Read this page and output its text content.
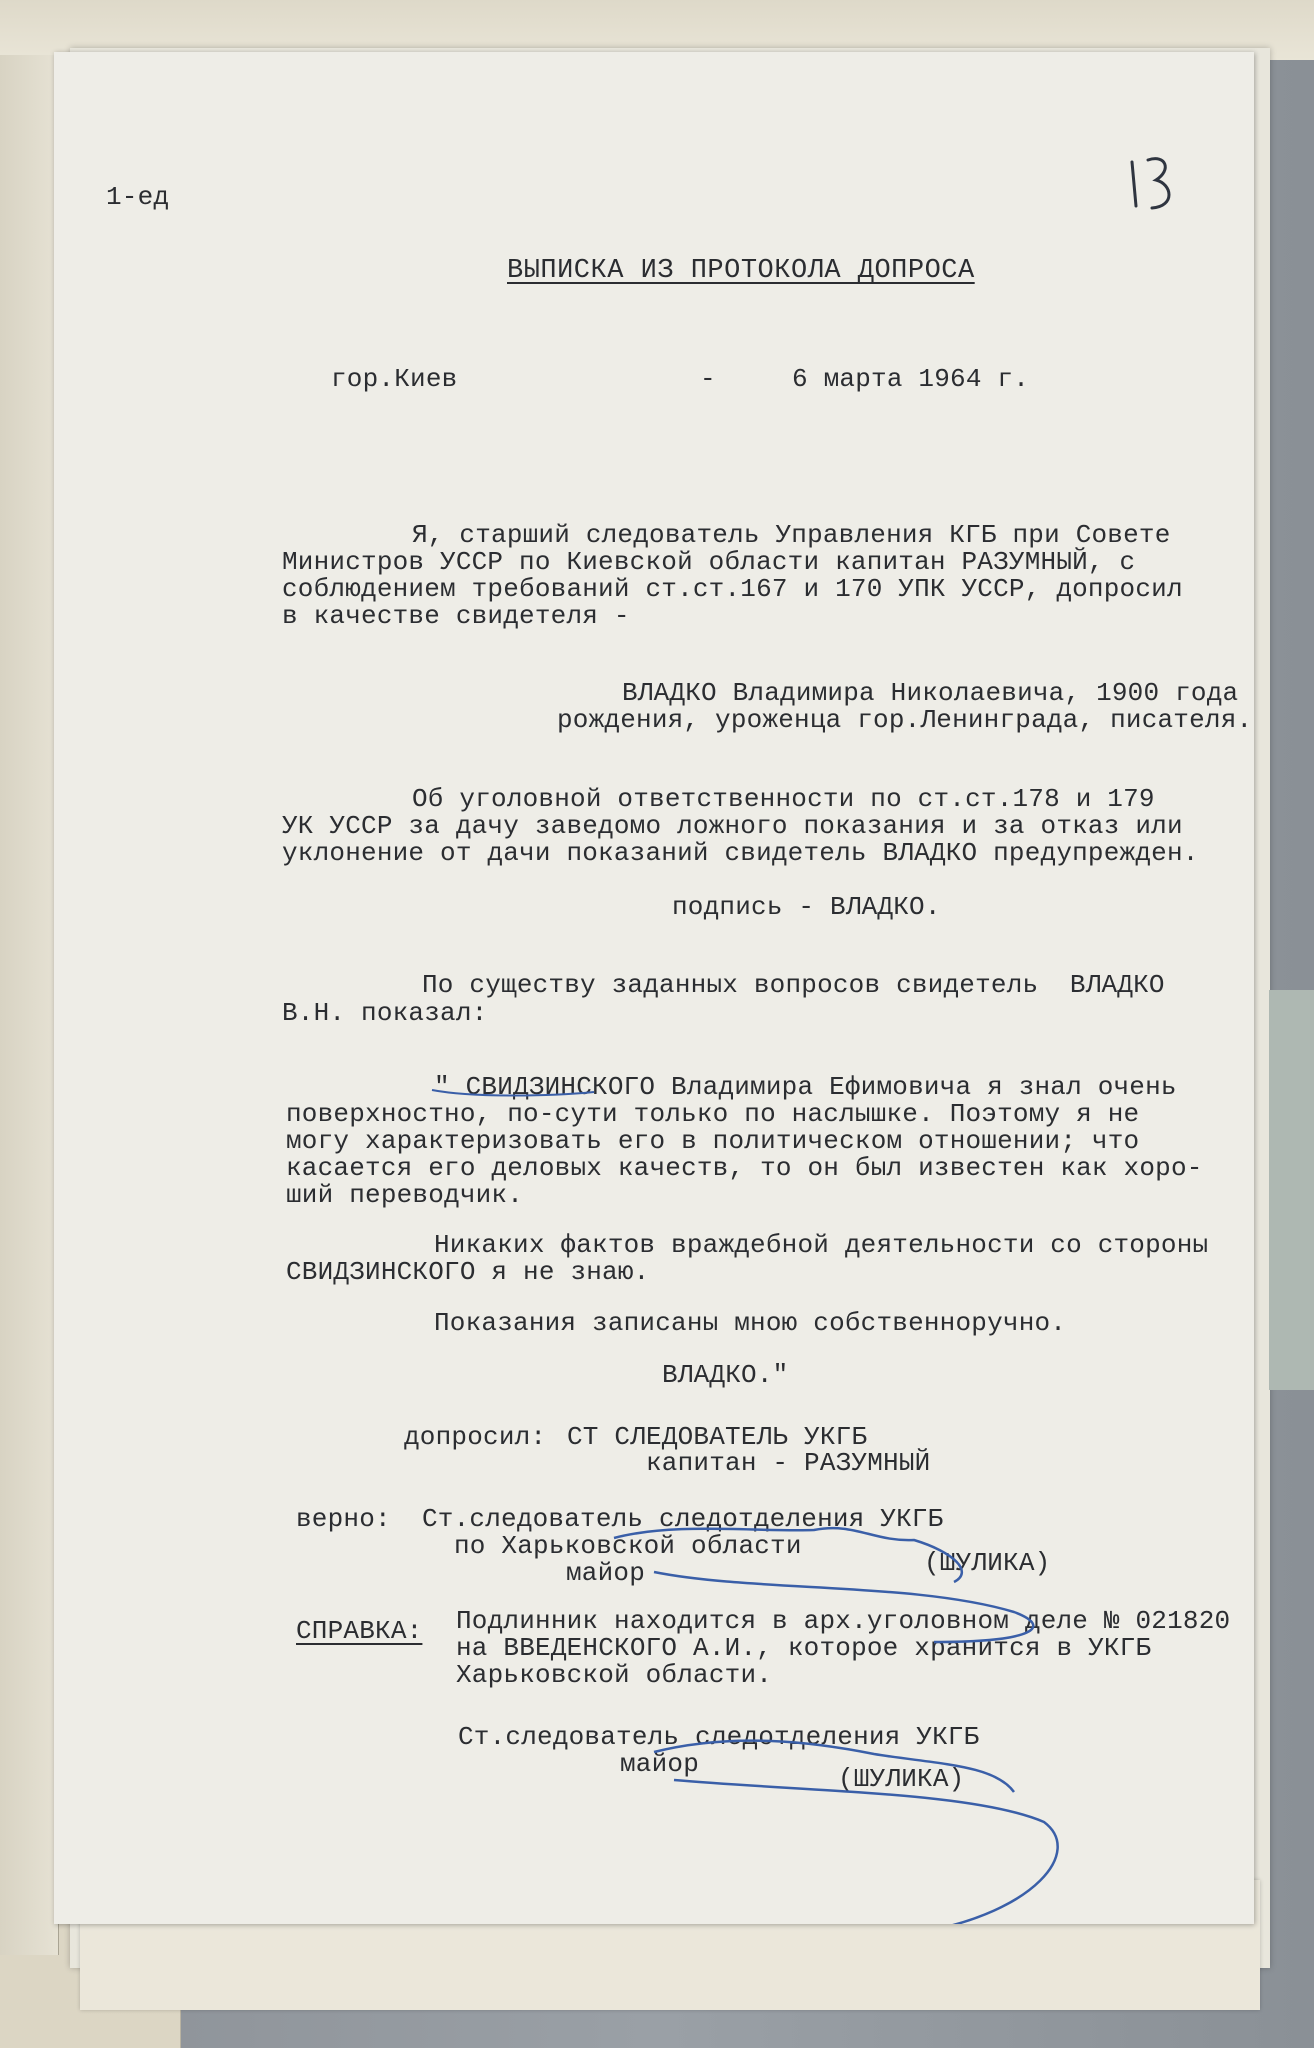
1-ед

ВЫПИСКА ИЗ ПРОТОКОЛА ДОПРОСА

гор.Киев	-	6 марта 1964 г.

Я, старший следователь Управления КГБ при Совете

Министров УССР по Киевской области капитан РАЗУМНЫЙ, с

соблюдением требований ст.ст.167 и 170 УПК УССР, допросил

в качестве свидетеля -

ВЛАДКО Владимира Николаевича, 1900 года

рождения, уроженца гор.Ленинграда, писателя.

Об уголовной ответственности по ст.ст.178 и 179

УК УССР за дачу заведомо ложного показания и за отказ или

уклонение от дачи показаний свидетель ВЛАДКО предупрежден.

подпись - ВЛАДКО.

По существу заданных вопросов свидетель  ВЛАДКО

В.Н. показал:

" СВИДЗИНСКОГО Владимира Ефимовича я знал очень

поверхностно, по-сути только по наслышке. Поэтому я не

могу характеризовать его в политическом отношении; что

касается его деловых качеств, то он был известен как хоро-

ший переводчик.

Никаких фактов враждебной деятельности со стороны

СВИДЗИНСКОГО я не знаю.

Показания записаны мною собственноручно.

ВЛАДКО."

допросил: СТ СЛЕДОВАТЕЛЬ УКГБ

капитан - РАЗУМНЫЙ

верно: Ст.следователь следотделения УКГБ

по Харьковской области

майор	(ШУЛИКА)

СПРАВКА: Подлинник находится в арх.уголовном деле № 021820

на ВВЕДЕНСКОГО А.И., которое хранится в УКГБ

Харьковской области.

Ст.следователь следотделения УКГБ

майор	(ШУЛИКА)
